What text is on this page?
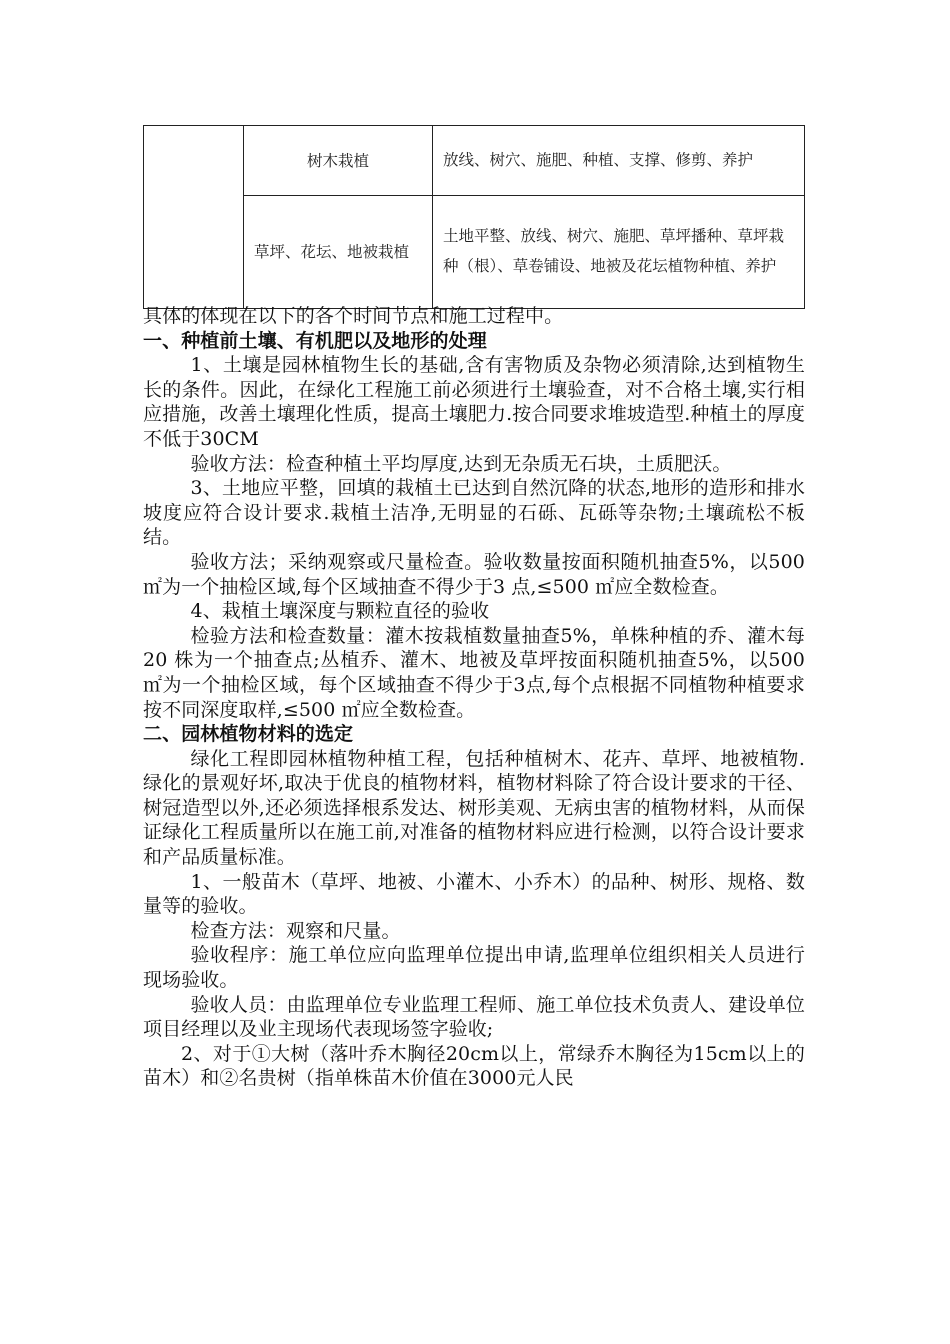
	树木栽植	放线、树穴、施肥、种植、支撑、修剪、养护
	草坪、花坛、地被栽植	土地平整、放线、树穴、施肥、草坪播种、草坪栽种（根）、草卷铺设、地被及花坛植物种植、养护

具体的体现在以下的各个时间节点和施工过程中。

一、种植前土壤、有机肥以及地形的处理

1、土壤是园林植物生长的基础,含有害物质及杂物必须清除,达到植物生长的条件。因此，在绿化工程施工前必须进行土壤验查，对不合格土壤,实行相应措施，改善土壤理化性质，提高土壤肥力.按合同要求堆坡造型.种植土的厚度不低于30CM

验收方法：检查种植土平均厚度,达到无杂质无石块，土质肥沃。

3、土地应平整，回填的栽植土已达到自然沉降的状态,地形的造形和排水坡度应符合设计要求.栽植土洁净,无明显的石砾、瓦砾等杂物;土壤疏松不板结。

验收方法；采纳观察或尺量检查。验收数量按面积随机抽查5%，以500 ㎡为一个抽检区域,每个区域抽查不得少于3 点,≤500 ㎡应全数检查。

4、栽植土壤深度与颗粒直径的验收

检验方法和检查数量：灌木按栽植数量抽查5%，单株种植的乔、灌木每20 株为一个抽查点;丛植乔、灌木、地被及草坪按面积随机抽查5%，以500 ㎡为一个抽检区域，每个区域抽查不得少于3点,每个点根据不同植物种植要求按不同深度取样,≤500 ㎡应全数检查。

二、园林植物材料的选定

绿化工程即园林植物种植工程，包括种植树木、花卉、草坪、地被植物.绿化的景观好坏,取决于优良的植物材料，植物材料除了符合设计要求的干径、树冠造型以外,还必须选择根系发达、树形美观、无病虫害的植物材料，从而保证绿化工程质量所以在施工前,对准备的植物材料应进行检测，以符合设计要求和产品质量标准。

1、一般苗木（草坪、地被、小灌木、小乔木）的品种、树形、规格、数量等的验收。

检查方法：观察和尺量。

验收程序：施工单位应向监理单位提出申请,监理单位组织相关人员进行现场验收。

验收人员：由监理单位专业监理工程师、施工单位技术负责人、建设单位项目经理以及业主现场代表现场签字验收;

2、对于①大树（落叶乔木胸径20cm以上，常绿乔木胸径为15cm以上的苗木）和②名贵树（指单株苗木价值在3000元人民
